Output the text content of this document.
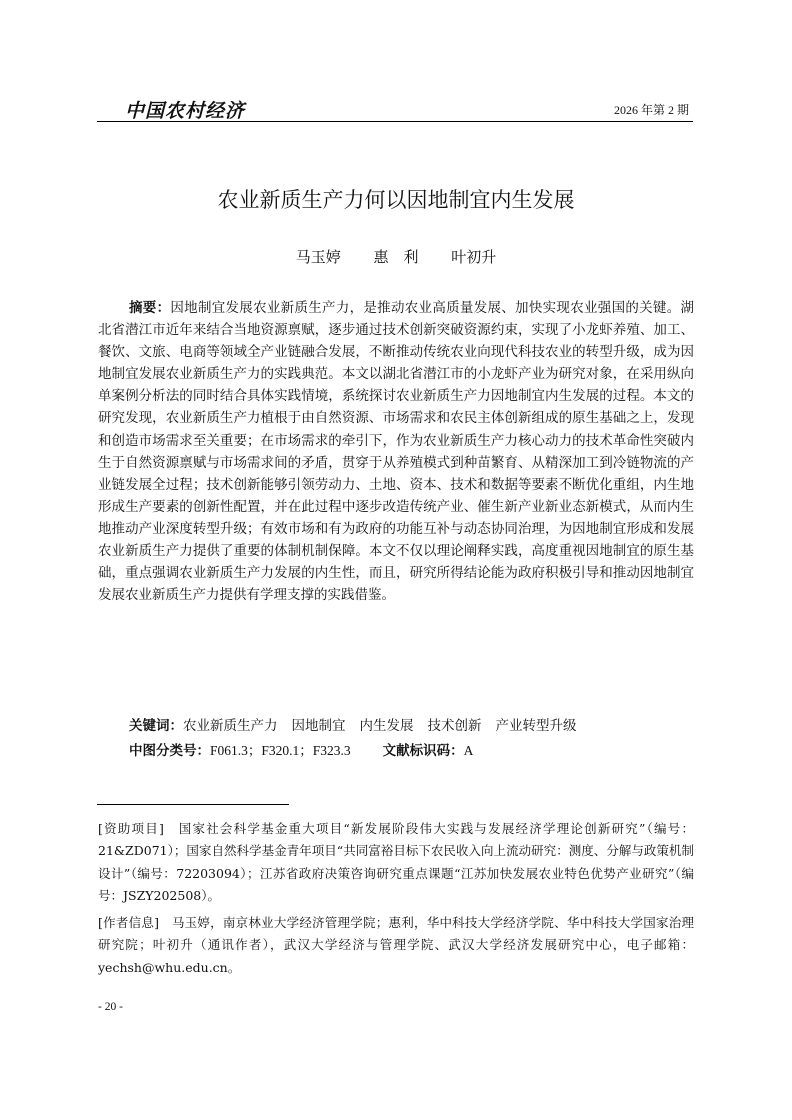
中国农村经济	2026 年第 2 期
农业新质生产力何以因地制宜内生发展
马玉婷 惠　利 叶初升
摘要：因地制宜发展农业新质生产力，是推动农业高质量发展、加快实现农业强国的关键。湖北省潜江市近年来结合当地资源禀赋，逐步通过技术创新突破资源约束，实现了小龙虾养殖、加工、餐饮、文旅、电商等领域全产业链融合发展，不断推动传统农业向现代科技农业的转型升级，成为因地制宜发展农业新质生产力的实践典范。本文以湖北省潜江市的小龙虾产业为研究对象，在采用纵向单案例分析法的同时结合具体实践情境，系统探讨农业新质生产力因地制宜内生发展的过程。本文的研究发现，农业新质生产力植根于由自然资源、市场需求和农民主体创新组成的原生基础之上，发现和创造市场需求至关重要；在市场需求的牵引下，作为农业新质生产力核心动力的技术革命性突破内生于自然资源禀赋与市场需求间的矛盾，贯穿于从养殖模式到种苗繁育、从精深加工到冷链物流的产业链发展全过程；技术创新能够引领劳动力、土地、资本、技术和数据等要素不断优化重组，内生地形成生产要素的创新性配置，并在此过程中逐步改造传统产业、催生新产业新业态新模式，从而内生地推动产业深度转型升级；有效市场和有为政府的功能互补与动态协同治理，为因地制宜形成和发展农业新质生产力提供了重要的体制机制保障。本文不仅以理论阐释实践，高度重视因地制宜的原生基础，重点强调农业新质生产力发展的内生性，而且，研究所得结论能为政府积极引导和推动因地制宜发展农业新质生产力提供有学理支撑的实践借鉴。
关键词：农业新质生产力 因地制宜 内生发展 技术创新 产业转型升级
中图分类号：F061.3；F320.1；F323.3 文献标识码：A
[资助项目]　 国家社会科学基金重大项目“新发展阶段伟大实践与发展经济学理论创新研究”（编号：21&ZD071）；国家自然科学基金青年项目“共同富裕目标下农民收入向上流动研究：测度、分解与政策机制设计”（编号：72203094）；江苏省政府决策咨询研究重点课题“江苏加快发展农业特色优势产业研究”（编号：JSZY202508）。
[作者信息]　 马玉婷，南京林业大学经济管理学院；惠利，华中科技大学经济学院、华中科技大学国家治理研究院；叶初升（通讯作者），武汉大学经济与管理学院、武汉大学经济发展研究中心，电子邮箱：yechsh@whu.edu.cn。
- 20 -
